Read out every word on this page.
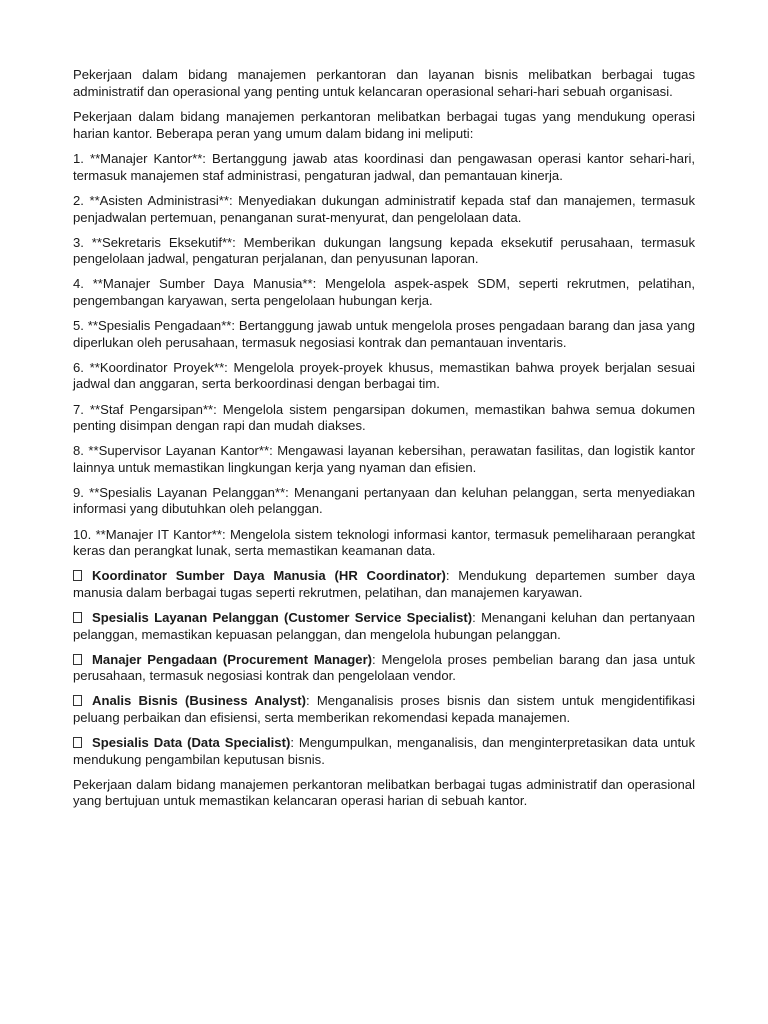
Pekerjaan dalam bidang manajemen perkantoran dan layanan bisnis melibatkan berbagai tugas administratif dan operasional yang penting untuk kelancaran operasional sehari-hari sebuah organisasi.

Pekerjaan dalam bidang manajemen perkantoran melibatkan berbagai tugas yang mendukung operasi harian kantor. Beberapa peran yang umum dalam bidang ini meliputi:

1. **Manajer Kantor**: Bertanggung jawab atas koordinasi dan pengawasan operasi kantor sehari-hari, termasuk manajemen staf administrasi, pengaturan jadwal, dan pemantauan kinerja.

2. **Asisten Administrasi**: Menyediakan dukungan administratif kepada staf dan manajemen, termasuk penjadwalan pertemuan, penanganan surat-menyurat, dan pengelolaan data.

3. **Sekretaris Eksekutif**: Memberikan dukungan langsung kepada eksekutif perusahaan, termasuk pengelolaan jadwal, pengaturan perjalanan, dan penyusunan laporan.

4. **Manajer Sumber Daya Manusia**: Mengelola aspek-aspek SDM, seperti rekrutmen, pelatihan, pengembangan karyawan, serta pengelolaan hubungan kerja.

5. **Spesialis Pengadaan**: Bertanggung jawab untuk mengelola proses pengadaan barang dan jasa yang diperlukan oleh perusahaan, termasuk negosiasi kontrak dan pemantauan inventaris.

6. **Koordinator Proyek**: Mengelola proyek-proyek khusus, memastikan bahwa proyek berjalan sesuai jadwal dan anggaran, serta berkoordinasi dengan berbagai tim.

7. **Staf Pengarsipan**: Mengelola sistem pengarsipan dokumen, memastikan bahwa semua dokumen penting disimpan dengan rapi dan mudah diakses.

8. **Supervisor Layanan Kantor**: Mengawasi layanan kebersihan, perawatan fasilitas, dan logistik kantor lainnya untuk memastikan lingkungan kerja yang nyaman dan efisien.

9. **Spesialis Layanan Pelanggan**: Menangani pertanyaan dan keluhan pelanggan, serta menyediakan informasi yang dibutuhkan oleh pelanggan.

10. **Manajer IT Kantor**: Mengelola sistem teknologi informasi kantor, termasuk pemeliharaan perangkat keras dan perangkat lunak, serta memastikan keamanan data.

Koordinator Sumber Daya Manusia (HR Coordinator): Mendukung departemen sumber daya manusia dalam berbagai tugas seperti rekrutmen, pelatihan, dan manajemen karyawan.

Spesialis Layanan Pelanggan (Customer Service Specialist): Menangani keluhan dan pertanyaan pelanggan, memastikan kepuasan pelanggan, dan mengelola hubungan pelanggan.

Manajer Pengadaan (Procurement Manager): Mengelola proses pembelian barang dan jasa untuk perusahaan, termasuk negosiasi kontrak dan pengelolaan vendor.

Analis Bisnis (Business Analyst): Menganalisis proses bisnis dan sistem untuk mengidentifikasi peluang perbaikan dan efisiensi, serta memberikan rekomendasi kepada manajemen.

Spesialis Data (Data Specialist): Mengumpulkan, menganalisis, dan menginterpretasikan data untuk mendukung pengambilan keputusan bisnis.

Pekerjaan dalam bidang manajemen perkantoran melibatkan berbagai tugas administratif dan operasional yang bertujuan untuk memastikan kelancaran operasi harian di sebuah kantor.
